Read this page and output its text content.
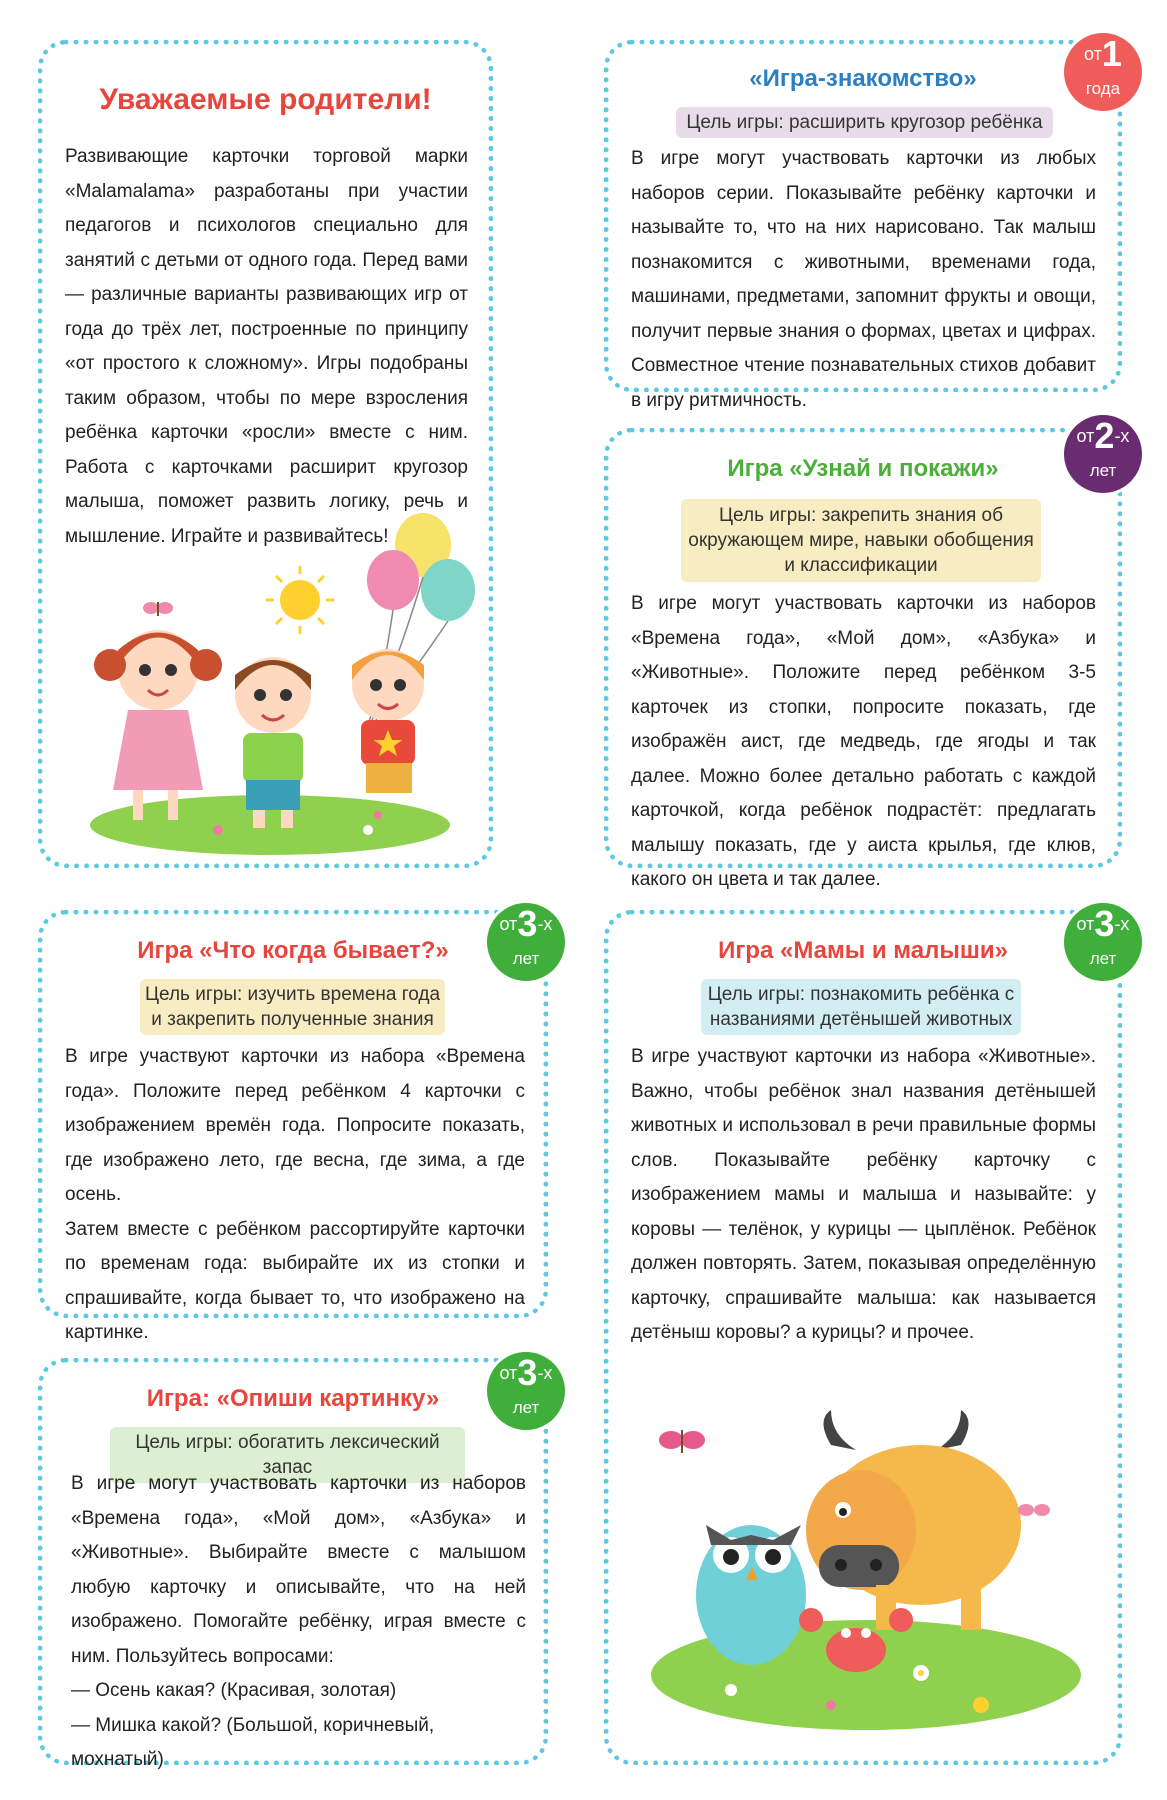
Уважаемые родители!

Развивающие карточки торговой марки «Malamalama» разработаны при участии педагогов и психологов специально для занятий с детьми от одного года. Перед вами — различные варианты развивающих игр от года до трёх лет, построенные по принципу «от простого к сложному». Игры подобраны таким образом, чтобы по мере взросления ребёнка карточки «росли» вместе с ним. Работа с карточками расширит кругозор малыша, поможет развить логику, речь и мышление. Играйте и развивайтесь!

«Игра-знакомство»
Цель игры: расширить кругозор ребёнка
В игре могут участвовать карточки из любых наборов серии. Показывайте ребёнку карточки и называйте то, что на них нарисовано. Так малыш познакомится с животными, временами года, машинами, предметами, запомнит фрукты и овощи, получит первые знания о формах, цветах и цифрах. Совместное чтение познавательных стихов добавит в игру ритмичность.
от1
года
Игра «Узнай и покажи»
Цель игры: закрепить знания об окружающем мире, навыки обобщения и классификации
В игре могут участвовать карточки из наборов «Времена года», «Мой дом», «Азбука» и «Животные». Положите перед ребёнком 3-5 карточек из стопки, попросите показать, где изображён аист, где медведь, где ягоды и так далее. Можно более детально работать с каждой карточкой, когда ребёнок подрастёт: предлагать малышу показать, где у аиста крылья, где клюв, какого он цвета и так далее.
от2-х
лет
Игра «Что когда бывает?»
Цель игры: изучить времена года и закрепить полученные знания

В игре участвуют карточки из набора «Времена года». Положите перед ребёнком 4 карточки с изображением времён года. Попросите показать, где изображено лето, где весна, где зима, а где осень.

Затем вместе с ребёнком рассортируйте карточки по временам года: выбирайте их из стопки и спрашивайте, когда бывает то, что изображено на картинке.

от3-х
лет	Игра «Мамы и малыши»
Цель игры: познакомить ребёнка с названиями детёнышей животных
В игре участвуют карточки из набора «Животные». Важно, чтобы ребёнок знал названия детёнышей животных и использовал в речи правильные формы слов. Показывайте ребёнку карточку с изображением мамы и малыша и называйте: у коровы — телёнок, у курицы — цыплёнок. Ребёнок должен повторять. Затем, показывая определённую карточку, спрашивайте малыша: как называется детёныш коровы? а курицы? и прочее.
от3-х
лет
Игра: «Опиши картинку»
Цель игры: обогатить лексический запас

В игре могут участвовать карточки из наборов «Времена года», «Мой дом», «Азбука» и «Животные». Выбирайте вместе с малышом любую карточку и описывайте, что на ней изображено. Помогайте ребёнку, играя вместе с ним. Пользуйтесь вопросами:

— Осень какая? (Красивая, золотая)

— Мишка какой? (Большой, коричневый, мохнатый)

от3-х
лет
